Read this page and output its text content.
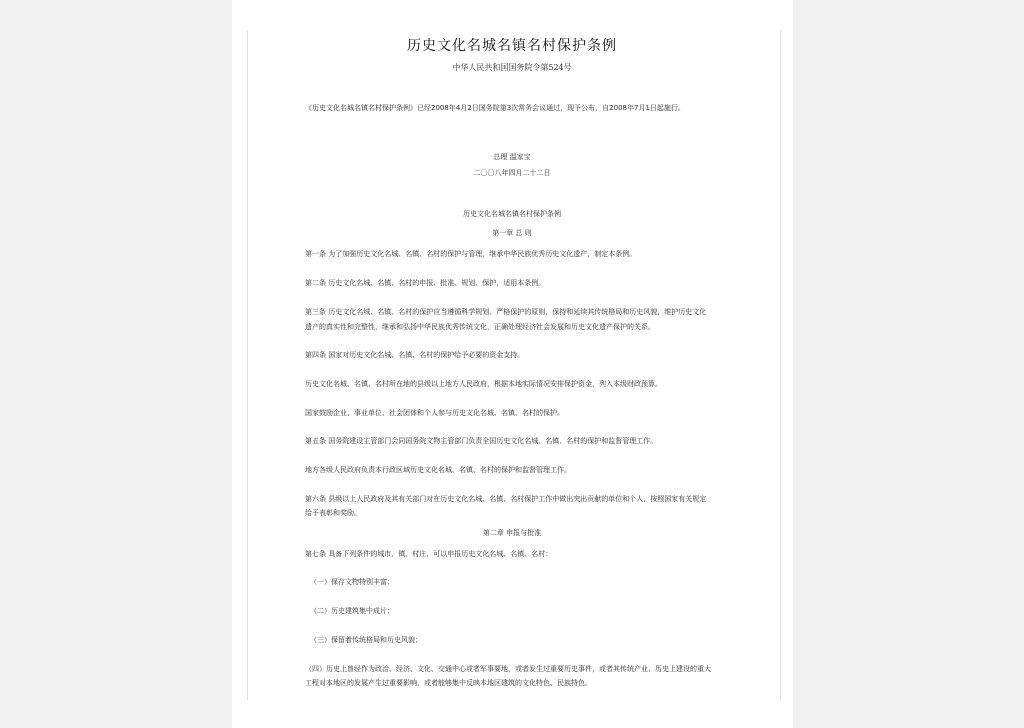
历史文化名城名镇名村保护条例
中华人民共和国国务院令第524号
《历史文化名城名镇名村保护条例》已经2008年4月2日国务院第3次常务会议通过，现予公布，自2008年7月1日起施行。
总理 温家宝
二〇〇八年四月二十二日
历史文化名城名镇名村保护条例
第一章 总 则
第一条 为了加强历史文化名城、名镇、名村的保护与管理，继承中华民族优秀历史文化遗产，制定本条例。
第二条 历史文化名城、名镇、名村的申报、批准、规划、保护，适用本条例。
第三条 历史文化名城、名镇、名村的保护应当遵循科学规划、严格保护的原则，保持和延续其传统格局和历史风貌，维护历史文化
遗产的真实性和完整性，继承和弘扬中华民族优秀传统文化，正确处理经济社会发展和历史文化遗产保护的关系。
第四条 国家对历史文化名城、名镇、名村的保护给予必要的资金支持。
历史文化名城、名镇、名村所在地的县级以上地方人民政府，根据本地实际情况安排保护资金，列入本级财政预算。
国家鼓励企业、事业单位、社会团体和个人参与历史文化名城、名镇、名村的保护。
第五条 国务院建设主管部门会同国务院文物主管部门负责全国历史文化名城、名镇、名村的保护和监督管理工作。
地方各级人民政府负责本行政区域历史文化名城、名镇、名村的保护和监督管理工作。
第六条 县级以上人民政府及其有关部门对在历史文化名城、名镇、名村保护工作中做出突出贡献的单位和个人，按照国家有关规定
给予表彰和奖励。
第二章 申报与批准
第七条 具备下列条件的城市、镇、村庄，可以申报历史文化名城、名镇、名村：
（一）保存文物特别丰富；
（二）历史建筑集中成片；
（三）保留着传统格局和历史风貌；
（四）历史上曾经作为政治、经济、文化、交通中心或者军事要地，或者发生过重要历史事件，或者其传统产业、历史上建设的重大
工程对本地区的发展产生过重要影响，或者能够集中反映本地区建筑的文化特色、民族特色。
